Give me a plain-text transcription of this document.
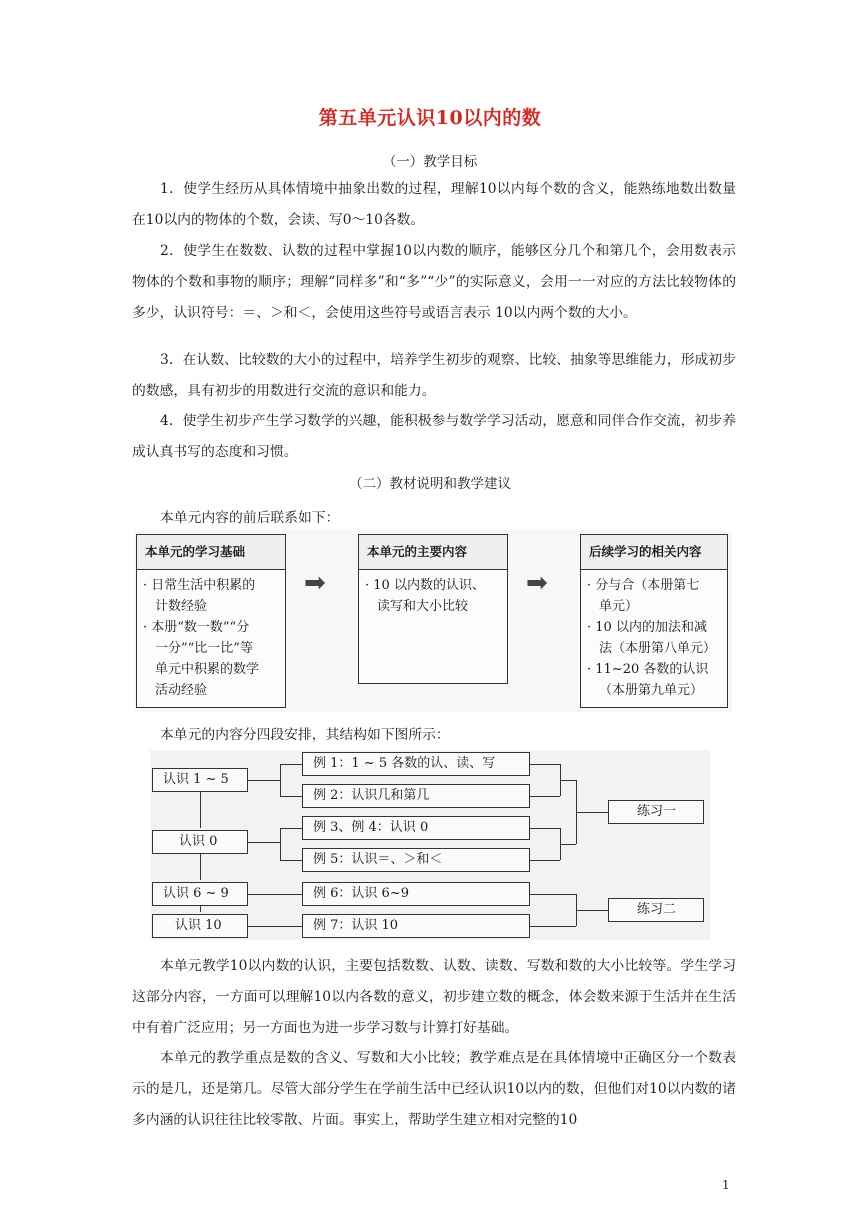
第五单元认识10以内的数
（一）教学目标
1．使学生经历从具体情境中抽象出数的过程，理解10以内每个数的含义，能熟练地数出数量在10以内的物体的个数，会读、写0～10各数。
2．使学生在数数、认数的过程中掌握10以内数的顺序，能够区分几个和第几个，会用数表示物体的个数和事物的顺序；理解“同样多”和“多”“少”的实际意义，会用一一对应的方法比较物体的多少，认识符号：＝、＞和＜，会使用这些符号或语言表示 10以内两个数的大小。
3．在认数、比较数的大小的过程中，培养学生初步的观察、比较、抽象等思维能力，形成初步的数感，具有初步的用数进行交流的意识和能力。
4．使学生初步产生学习数学的兴趣，能积极参与数学学习活动，愿意和同伴合作交流，初步养成认真书写的态度和习惯。
（二）教材说明和教学建议
本单元内容的前后联系如下：
本单元的学习基础
· 日常生活中积累的
计数经验
· 本册“数一数”“分
一分”“比一比”等
单元中积累的数学
活动经验
➡
本单元的主要内容
· 10 以内数的认识、
读写和大小比较
➡
后续学习的相关内容
· 分与合（本册第七
单元）
· 10 以内的加法和减
法（本册第八单元）
· 11~20 各数的认识
（本册第九单元）
本单元的内容分四段安排，其结构如下图所示：
认识 1 ~ 5
认识 0
认识 6 ~ 9
认识 10
例 1：1 ~ 5 各数的认、读、写
例 2：认识几和第几
例 3、例 4：认识 0
例 5：认识＝、＞和＜
例 6：认识 6~9
例 7：认识 10
练习一
练习二
本单元教学10以内数的认识，主要包括数数、认数、读数、写数和数的大小比较等。学生学习这部分内容，一方面可以理解10以内各数的意义，初步建立数的概念，体会数来源于生活并在生活中有着广泛应用；另一方面也为进一步学习数与计算打好基础。
本单元的教学重点是数的含义、写数和大小比较；教学难点是在具体情境中正确区分一个数表示的是几，还是第几。尽管大部分学生在学前生活中已经认识10以内的数，但他们对10以内数的诸多内涵的认识往往比较零散、片面。事实上，帮助学生建立相对完整的10
1
